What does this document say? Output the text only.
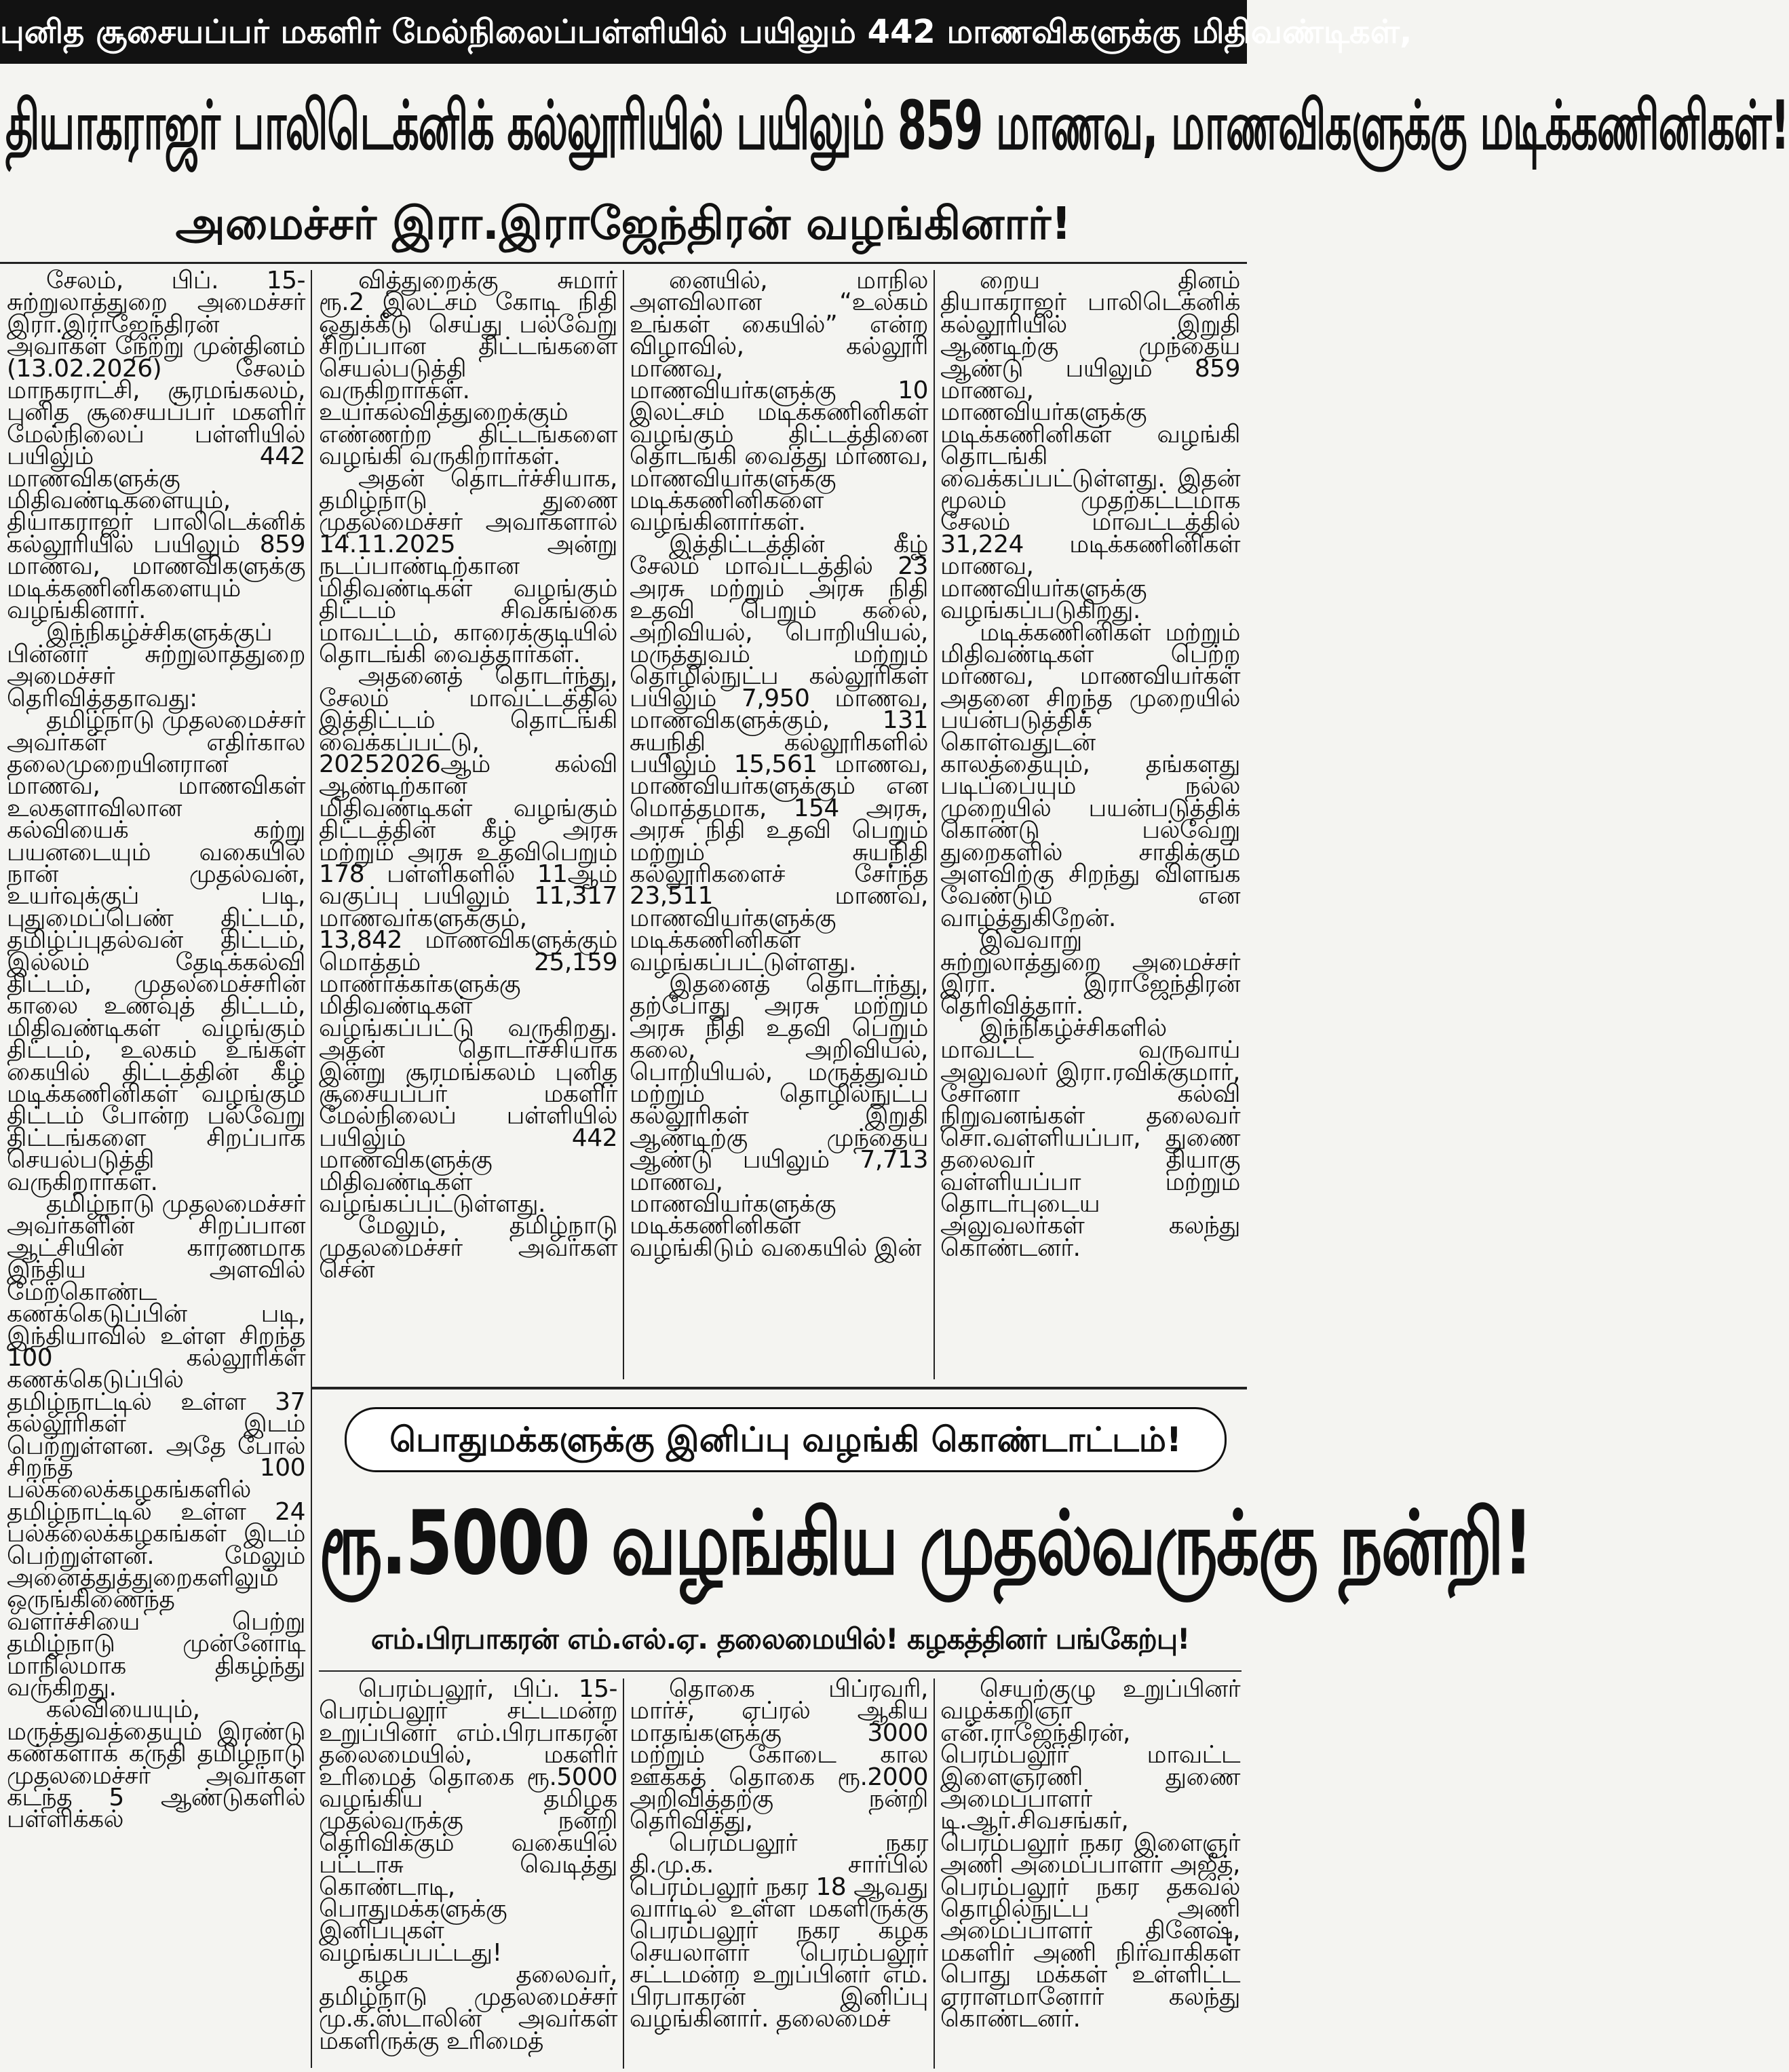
புனித சூசையப்பர் மகளிர் மேல்நிலைப்பள்ளியில் பயிலும் 442 மாணவிகளுக்கு மிதிவண்டிகள்,
தியாகராஜர் பாலிடெக்னிக் கல்லூரியில் பயிலும் 859 மாணவ, மாணவிகளுக்கு மடிக்கணினிகள்!
அமைச்சர் இரா.இராஜேந்திரன் வழங்கினார்!

சேலம், பிப். 15- சுற்றுலாத்துறை அமைச்சர் இரா.இராஜேந்திரன் அவர்கள் நேற்று முன்தினம் (13.02.2026) சேலம் மாநகராட்சி, சூரமங்கலம், புனித சூசையப்பர் மகளிர் மேல்நிலைப் பள்ளியில் பயிலும் 442 மாணவிகளுக்கு மிதிவண்டிகளையும், தியாகராஜர் பாலிடெக்னிக் கல்லூரியில் பயிலும் 859 மாணவ, மாணவிகளுக்கு மடிக்கணினிகளையும் வழங்கினார்.

இந்நிகழ்ச்சிகளுக்குப் பின்னர் சுற்றுலாத்துறை அமைச்சர் தெரிவித்ததாவது:

தமிழ்நாடு முதலமைச்சர் அவர்கள் எதிர்கால தலைமுறையினரான மாணவ, மாணவிகள் உலகளாவிலான கல்வியைக் கற்று பயனடையும் வகையில் நான் முதல்வன், உயர்வுக்குப் படி, புதுமைப்பெண் திட்டம், தமிழ்ப்புதல்வன் திட்டம், இல்லம் தேடிக்கல்வி திட்டம், முதலமைச்சரின் காலை உணவுத் திட்டம், மிதிவண்டிகள் வழங்கும் திட்டம், உலகம் உங்கள் கையில் திட்டத்தின் கீழ் மடிக்கணினிகள் வழங்கும் திட்டம் போன்ற பல்வேறு திட்டங்களை சிறப்பாக செயல்படுத்தி வருகிறார்கள்.

தமிழ்நாடு முதலமைச்சர் அவர்களின் சிறப்பான ஆட்சியின் காரணமாக இந்திய அளவில் மேற்கொண்ட கணக்கெடுப்பின் படி, இந்தியாவில் உள்ள சிறந்த 100 கல்லூரிகள் கணக்கெடுப்பில் தமிழ்நாட்டில் உள்ள 37 கல்லூரிகள் இடம் பெற்றுள்ளன. அதே போல் சிறந்த 100 பல்கலைக்கழகங்களில் தமிழ்நாட்டில் உள்ள 24 பல்கலைக்கழகங்கள் இடம் பெற்றுள்ளன. மேலும் அனைத்துத்துறைகளிலும் ஒருங்கிணைந்த வளர்ச்சியை பெற்று தமிழ்நாடு முன்னோடி மாநிலமாக திகழ்ந்து வருகிறது.

கல்வியையும், மருத்துவத்தையும் இரண்டு கண்களாக கருதி தமிழ்நாடு முதலமைச்சர் அவர்கள் கடந்த 5 ஆண்டுகளில் பள்ளிக்கல்

வித்துறைக்கு சுமார் ரூ.2 இலட்சம் கோடி நிதி ஒதுக்கீடு செய்து பல்வேறு சிறப்பான திட்டங்களை செயல்படுத்தி வருகிறார்கள். உயர்கல்வித்துறைக்கும் எண்ணற்ற திட்டங்களை வழங்கி வருகிறார்கள்.

அதன் தொடர்ச்சியாக, தமிழ்நாடு துணை முதலமைச்சர் அவர்களால் 14.11.2025 அன்று நடப்பாண்டிற்கான மிதிவண்டிகள் வழங்கும் திட்டம் சிவகங்கை மாவட்டம், காரைக்குடியில் தொடங்கி வைத்தார்கள்.

அதனைத் தொடர்ந்து, சேலம் மாவட்டத்தில் இத்திட்டம் தொடங்கி வைக்கப்பட்டு, 20252026ஆம் கல்வி ஆண்டிற்கான மிதிவண்டிகள் வழங்கும் திட்டத்தின் கீழ் அரசு மற்றும் அரசு உதவிபெறும் 178 பள்ளிகளில் 11ஆம் வகுப்பு பயிலும் 11,317 மாணவர்களுக்கும், 13,842 மாணவிகளுக்கும் மொத்தம் 25,159 மாணாக்கர்களுக்கு மிதிவண்டிகள் வழங்கப்பட்டு வருகிறது. அதன் தொடர்ச்சியாக இன்று சூரமங்கலம் புனித சூசையப்பர் மகளிர் மேல்நிலைப் பள்ளியில் பயிலும் 442 மாணவிகளுக்கு மிதிவண்டிகள் வழங்கப்பட்டுள்ளது.

மேலும், தமிழ்நாடு முதலமைச்சர் அவர்கள் சென்

னையில், மாநில அளவிலான “உலகம் உங்கள் கையில்” என்ற விழாவில், கல்லூரி மாணவ, மாணவியர்களுக்கு 10 இலட்சம் மடிக்கணினிகள் வழங்கும் திட்டத்தினை தொடங்கி வைத்து மாணவ, மாணவியர்களுக்கு மடிக்கணினிகளை வழங்கினார்கள்.

இத்திட்டத்தின் கீழ் சேலம் மாவட்டத்தில் 23 அரசு மற்றும் அரசு நிதி உதவி பெறும் கலை, அறிவியல், பொறியியல், மருத்துவம் மற்றும் தொழில்நுட்ப கல்லூரிகள் பயிலும் 7,950 மாணவ, மாணவிகளுக்கும், 131 சுயநிதி கல்லூரிகளில் பயிலும் 15,561 மாணவ, மாணவியர்களுக்கும் என மொத்தமாக, 154 அரசு, அரசு நிதி உதவி பெறும் மற்றும் சுயநிதி கல்லூரிகளைச் சேர்ந்த 23,511 மாணவ, மாணவியர்களுக்கு மடிக்கணினிகள் வழங்கப்பட்டுள்ளது.

இதனைத் தொடர்ந்து, தற்போது அரசு மற்றும் அரசு நிதி உதவி பெறும் கலை, அறிவியல், பொறியியல், மருத்துவம் மற்றும் தொழில்நுட்ப கல்லூரிகள் இறுதி ஆண்டிற்கு முந்தைய ஆண்டு பயிலும் 7,713 மாணவ, மாணவியர்களுக்கு மடிக்கணினிகள் வழங்கிடும் வகையில் இன்

றைய தினம் தியாகராஜர் பாலிடெக்னிக் கல்லூரியில் இறுதி ஆண்டிற்கு முந்தைய ஆண்டு பயிலும் 859 மாணவ, மாணவியர்களுக்கு மடிக்கணினிகள் வழங்கி தொடங்கி வைக்கப்பட்டுள்ளது. இதன் மூலம் முதற்கட்டமாக சேலம் மாவட்டத்தில் 31,224 மடிக்கணினிகள் மாணவ, மாணவியர்களுக்கு வழங்கப்படுகிறது.

மடிக்கணினிகள் மற்றும் மிதிவண்டிகள் பெற்ற மாணவ, மாணவியர்கள் அதனை சிறந்த முறையில் பயன்படுத்திக் கொள்வதுடன் காலத்தையும், தங்களது படிப்பையும் நல்ல முறையில் பயன்படுத்திக் கொண்டு பல்வேறு துறைகளில் சாதிக்கும் அளவிற்கு சிறந்து விளங்க வேண்டும் என வாழ்த்துகிறேன்.

இவ்வாறு சுற்றுலாத்துறை அமைச்சர் இரா. இராஜேந்திரன் தெரிவித்தார்.

இந்நிகழ்ச்சிகளில் மாவட்ட வருவாய் அலுவலர் இரா.ரவிக்குமார், சோனா கல்வி நிறுவனங்கள் தலைவர் சொ.வள்ளியப்பா, துணை தலைவர் தியாகு வள்ளியப்பா மற்றும் தொடர்புடைய அலுவலர்கள் கலந்து கொண்டனர்.

பொதுமக்களுக்கு இனிப்பு வழங்கி கொண்டாட்டம்!
ரூ.5000 வழங்கிய முதல்வருக்கு நன்றி!
எம்.பிரபாகரன் எம்.எல்.ஏ. தலைமையில்! கழகத்தினர் பங்கேற்பு!

பெரம்பலூர், பிப். 15- பெரம்பலூர் சட்டமன்ற உறுப்பினர் எம்.பிரபாகரன் தலைமையில், மகளிர் உரிமைத் தொகை ரூ.5000 வழங்கிய தமிழக முதல்வருக்கு நன்றி தெரிவிக்கும் வகையில் பட்டாசு வெடித்து கொண்டாடி, பொதுமக்களுக்கு இனிப்புகள் வழங்கப்பட்டது!

கழக தலைவர், தமிழ்நாடு முதலமைச்சர் மு.க.ஸ்டாலின் அவர்கள் மகளிருக்கு உரிமைத்

தொகை பிப்ரவரி, மார்ச், ஏப்ரல் ஆகிய மாதங்களுக்கு 3000 மற்றும் கோடை கால ஊக்கத் தொகை ரூ.2000 அறிவித்தற்கு நன்றி தெரிவித்து,

பெரம்பலூர் நகர தி.மு.க. சார்பில் பெரம்பலூர் நகர 18 ஆவது வார்டில் உள்ள மகளிருக்கு பெரம்பலூர் நகர கழக செயலாளர் பெரம்பலூர் சட்டமன்ற உறுப்பினர் எம். பிரபாகரன் இனிப்பு வழங்கினார். தலைமைச்

செயற்குழு உறுப்பினர் வழக்கறிஞர் என்.ராஜேந்திரன், பெரம்பலூர் மாவட்ட இளைஞரணி துணை அமைப்பாளர் டி.ஆர்.சிவசங்கர், பெரம்பலூர் நகர இளைஞர் அணி அமைப்பாளர் அஜீத், பெரம்பலூர் நகர தகவல் தொழில்நுட்ப அணி அமைப்பாளர் தினேஷ், மகளிர் அணி நிர்வாகிகள் பொது மக்கள் உள்ளிட்ட ஏராளமானோர் கலந்து கொண்டனர்.
